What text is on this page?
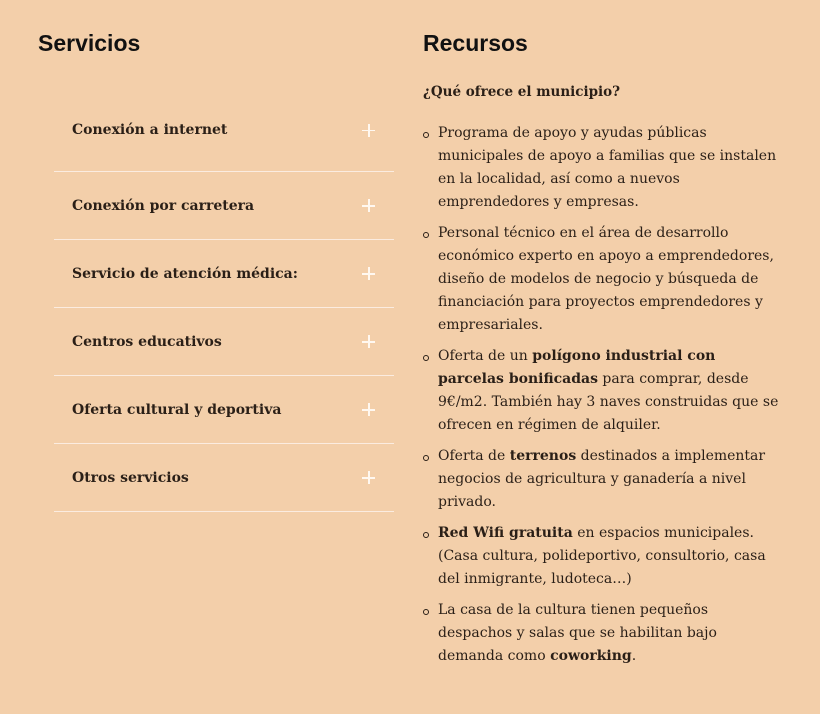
Servicios
Conexión a internet
Conexión por carretera
Servicio de atención médica:
Centros educativos
Oferta cultural y deportiva
Otros servicios
Recursos
¿Qué ofrece el municipio?
Programa de apoyo y ayudas públicas municipales de apoyo a familias que se instalen en la localidad, así como a nuevos emprendedores y empresas.
Personal técnico en el área de desarrollo económico experto en apoyo a emprendedores, diseño de modelos de negocio y búsqueda de financiación para proyectos emprendedores y empresariales.
Oferta de un polígono industrial con parcelas bonificadas para comprar, desde 9€/m2. También hay 3 naves construidas que se ofrecen en régimen de alquiler.
Oferta de terrenos destinados a implementar negocios de agricultura y ganadería a nivel privado.
Red Wifi gratuita en espacios municipales. (Casa cultura, polideportivo, consultorio, casa del inmigrante, ludoteca…)
La casa de la cultura tienen pequeños despachos y salas que se habilitan bajo demanda como coworking.
